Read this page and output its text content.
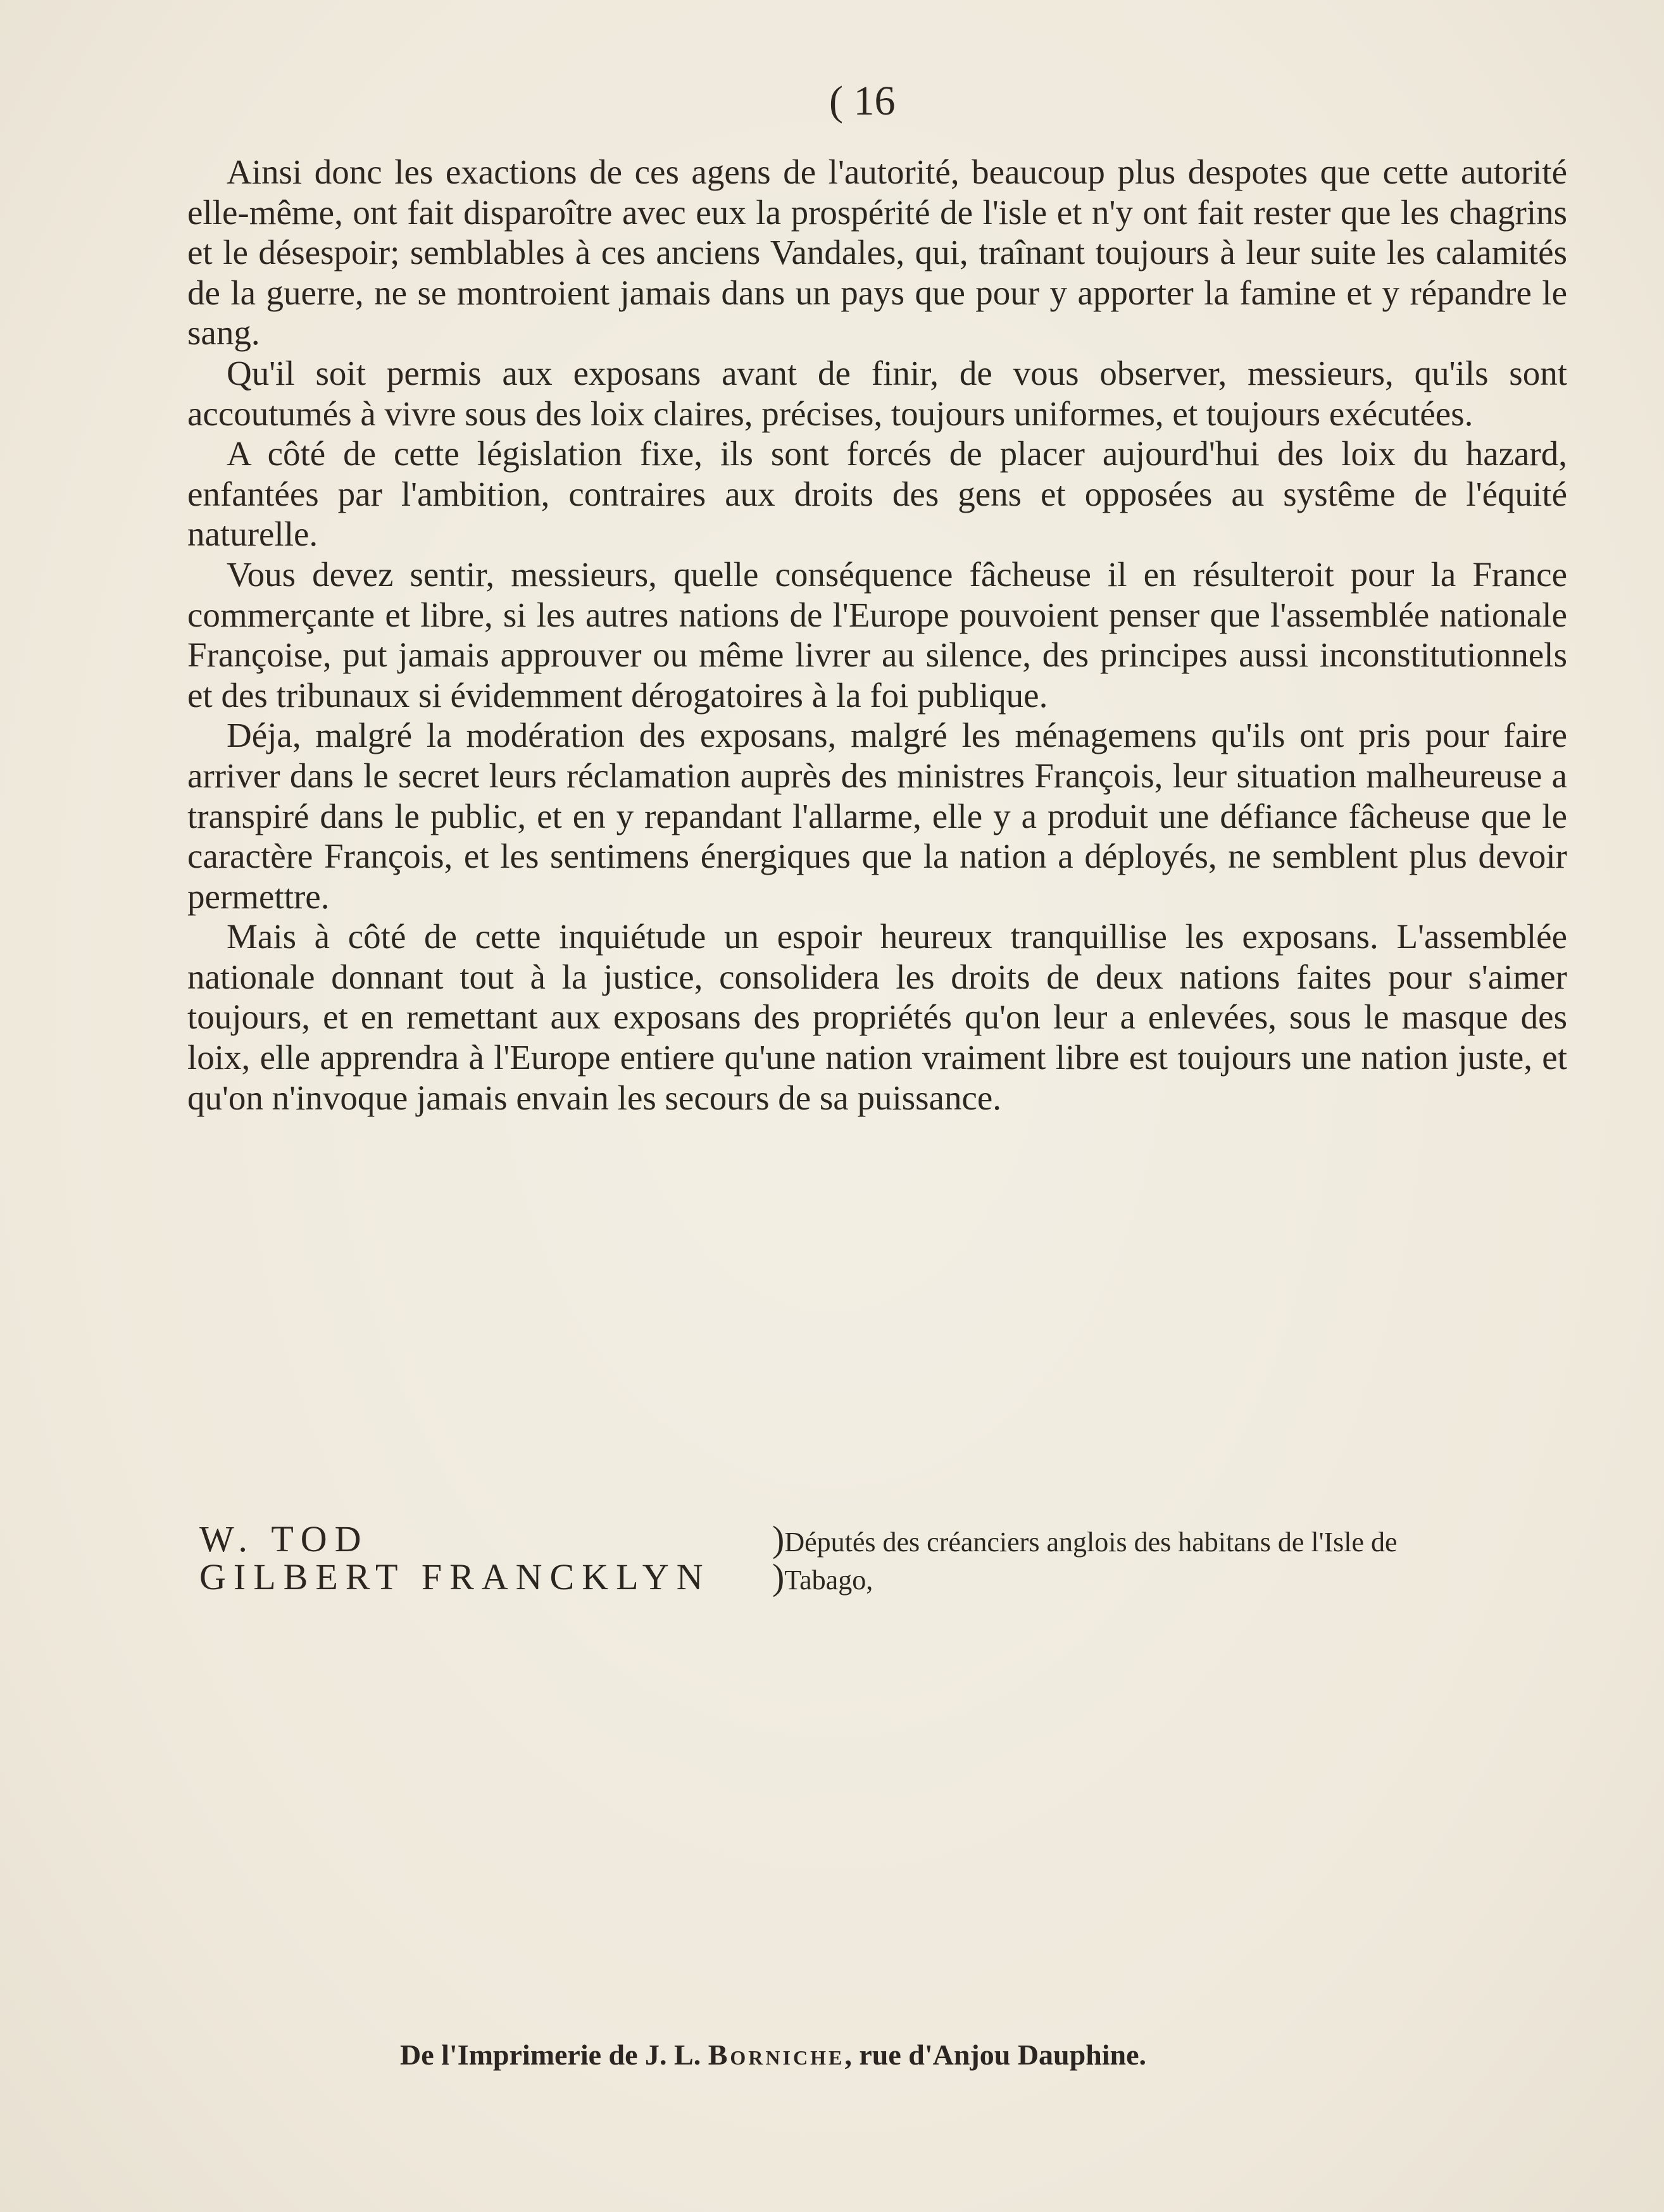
( 16

Ainsi donc les exactions de ces agens de l'autorité, beaucoup plus despotes que cette autorité elle-même, ont fait disparoître avec eux la prospérité de l'isle et n'y ont fait rester que les chagrins et le désespoir; semblables à ces anciens Vandales, qui, traînant toujours à leur suite les calamités de la guerre, ne se montroient jamais dans un pays que pour y apporter la famine et y répandre le sang.

Qu'il soit permis aux exposans avant de finir, de vous observer, messieurs, qu'ils sont accoutumés à vivre sous des loix claires, précises, toujours uniformes, et toujours exécutées.

A côté de cette législation fixe, ils sont forcés de placer aujourd'hui des loix du hazard, enfantées par l'ambition, contraires aux droits des gens et opposées au systême de l'équité naturelle.

Vous devez sentir, messieurs, quelle conséquence fâcheuse il en résulteroit pour la France commerçante et libre, si les autres nations de l'Europe pouvoient penser que l'assemblée nationale Françoise, put jamais approuver ou même livrer au silence, des principes aussi inconstitutionnels et des tribunaux si évidemment dérogatoires à la foi publique.

Déja, malgré la modération des exposans, malgré les ménagemens qu'ils ont pris pour faire arriver dans le secret leurs réclamation auprès des ministres François, leur situation malheureuse a transpiré dans le public, et en y repandant l'allarme, elle y a produit une défiance fâcheuse que le caractère François, et les sentimens énergiques que la nation a déployés, ne semblent plus devoir permettre.

Mais à côté de cette inquiétude un espoir heureux tranquillise les exposans. L'assemblée nationale donnant tout à la justice, consolidera les droits de deux nations faites pour s'aimer toujours, et en remettant aux exposans des propriétés qu'on leur a enlevées, sous le masque des loix, elle apprendra à l'Europe entiere qu'une nation vraiment libre est toujours une nation juste, et qu'on n'invoque jamais envain les secours de sa puissance.

W. TOD	) Députés des créanciers anglois des habitans de l'Isle de
GILBERT FRANCKLYN	) Tabago,
De l'Imprimerie de J. L. Borniche, rue d'Anjou Dauphine.
